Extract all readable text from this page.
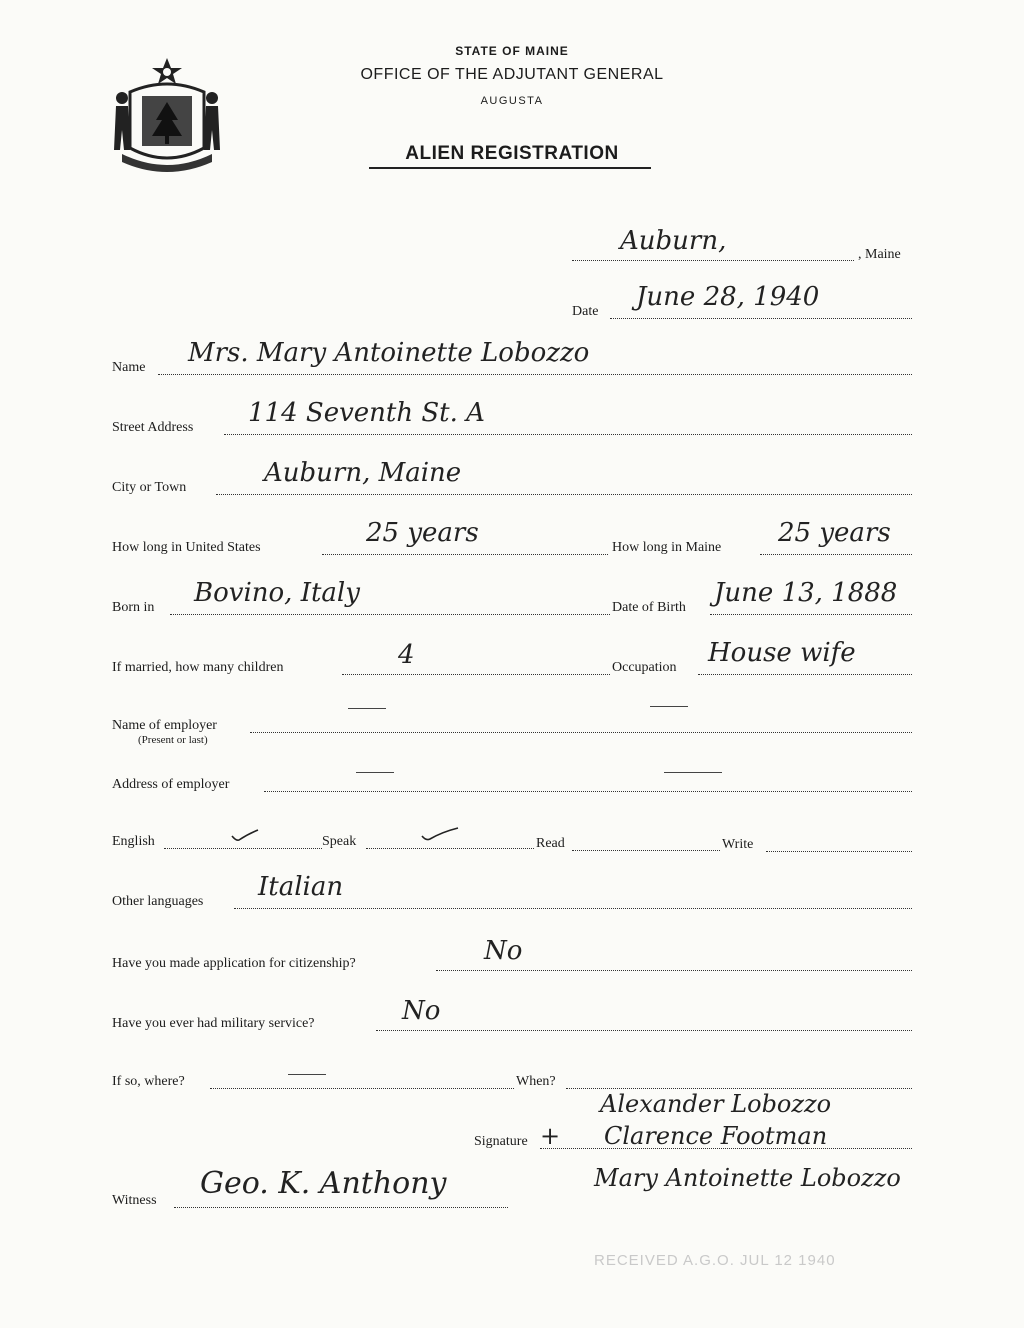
STATE OF MAINE
OFFICE OF THE ADJUTANT GENERAL
AUGUSTA
ALIEN REGISTRATION
Auburn,	, Maine
Date June 28, 1940
Name Mrs. Mary Antoinette Lobozzo
Street Address 114 Seventh St. A
City or Town	Auburn, Maine
How long in United States	25 years	How long in Maine 25 years
Born in Bovino, Italy	Date of Birth June 13, 1888
If married, how many children	4	Occupation House wife
Name of employer
(Present or last)
Address of employer
English	Speak	Read	Write
Other languages Italian
Have you made application for citizenship?	No
Have you ever had military service?	No
If so, where?	When?
Alexander Lobozzo
Signature + Clarence Footman
Mary Antoinette Lobozzo
Witness Geo. K. Anthony
RECEIVED A.G.O. JUL 12 1940
